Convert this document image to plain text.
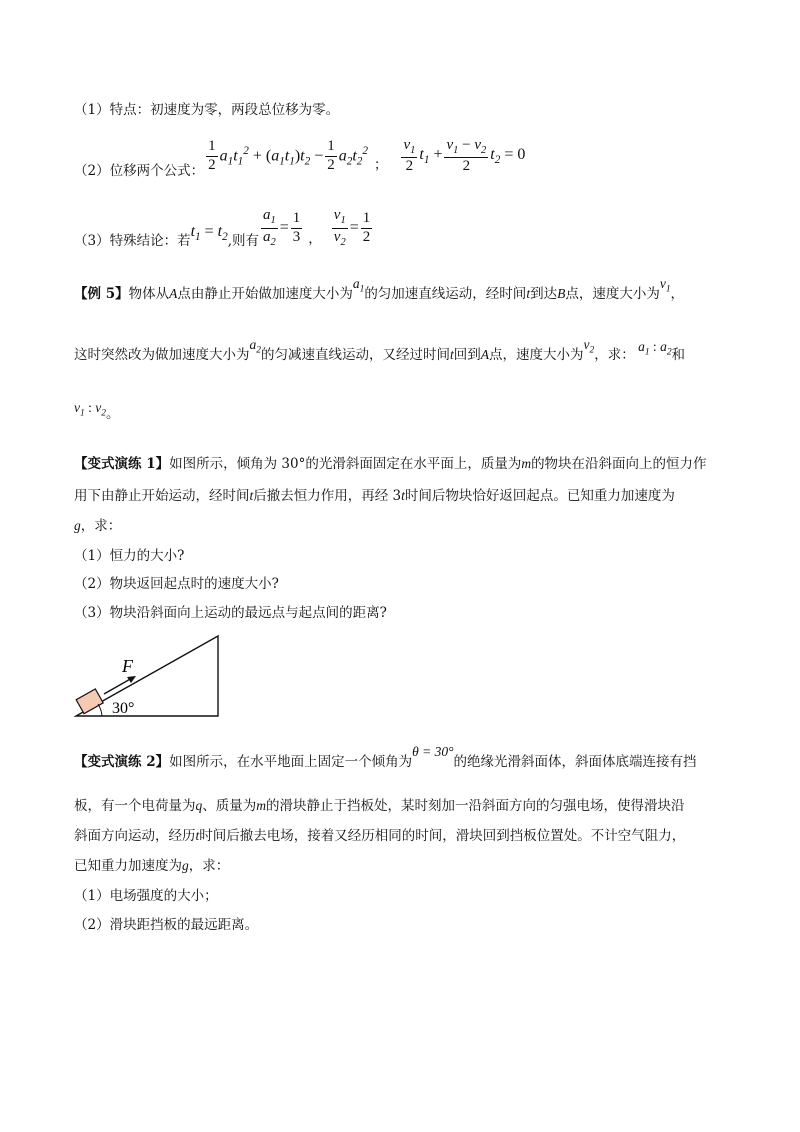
（1）特点：初速度为零，两段总位移为零。
（2）位移两个公式： $\frac{1}{2} a_1t_1^2 + (a_1t_1)t_2 - \frac{1}{2} a_2t_2^2$
； $\frac{v_1}{2} t_1 + \frac{v_1 - v_2}{2} t_2 = 0$
（3）特殊结论：若
$t_1 = t_2$ ,则有 $\frac{a_1}{a_2} = \frac{1}{3}$ ， $\frac{v_1}{v_2} = \frac{1}{2}$
【例 5】物体从A点由静止开始做加速度大小为$a_1$的匀加速直线运动，经时间t到达B点，速度大小为$v_1$，
这时突然改为做加速度大小为$a_2$的匀减速直线运动，又经过时间t回到A点，速度大小为$v_2$，求： $a_1$ : $a_2$和
$v_1$ : $v_2$。
【变式演练 1】如图所示，倾角为 30°的光滑斜面固定在水平面上，质量为m的物块在沿斜面向上的恒力作
用下由静止开始运动，经时间t后撤去恒力作用，再经 3t时间后物块恰好返回起点。已知重力加速度为
g，求：
（1）恒力的大小?
（2）物块返回起点时的速度大小?
（3）物块沿斜面向上运动的最远点与起点间的距离?
F
30°
【变式演练 2】如图所示，在水平地面上固定一个倾角为θ = 30°的绝缘光滑斜面体，斜面体底端连接有挡
板，有一个电荷量为q、质量为m的滑块静止于挡板处，某时刻加一沿斜面方向的匀强电场，使得滑块沿
斜面方向运动，经历t时间后撤去电场，接着又经历相同的时间，滑块回到挡板位置处。不计空气阻力，
已知重力加速度为g，求：
（1）电场强度的大小；
（2）滑块距挡板的最远距离。
